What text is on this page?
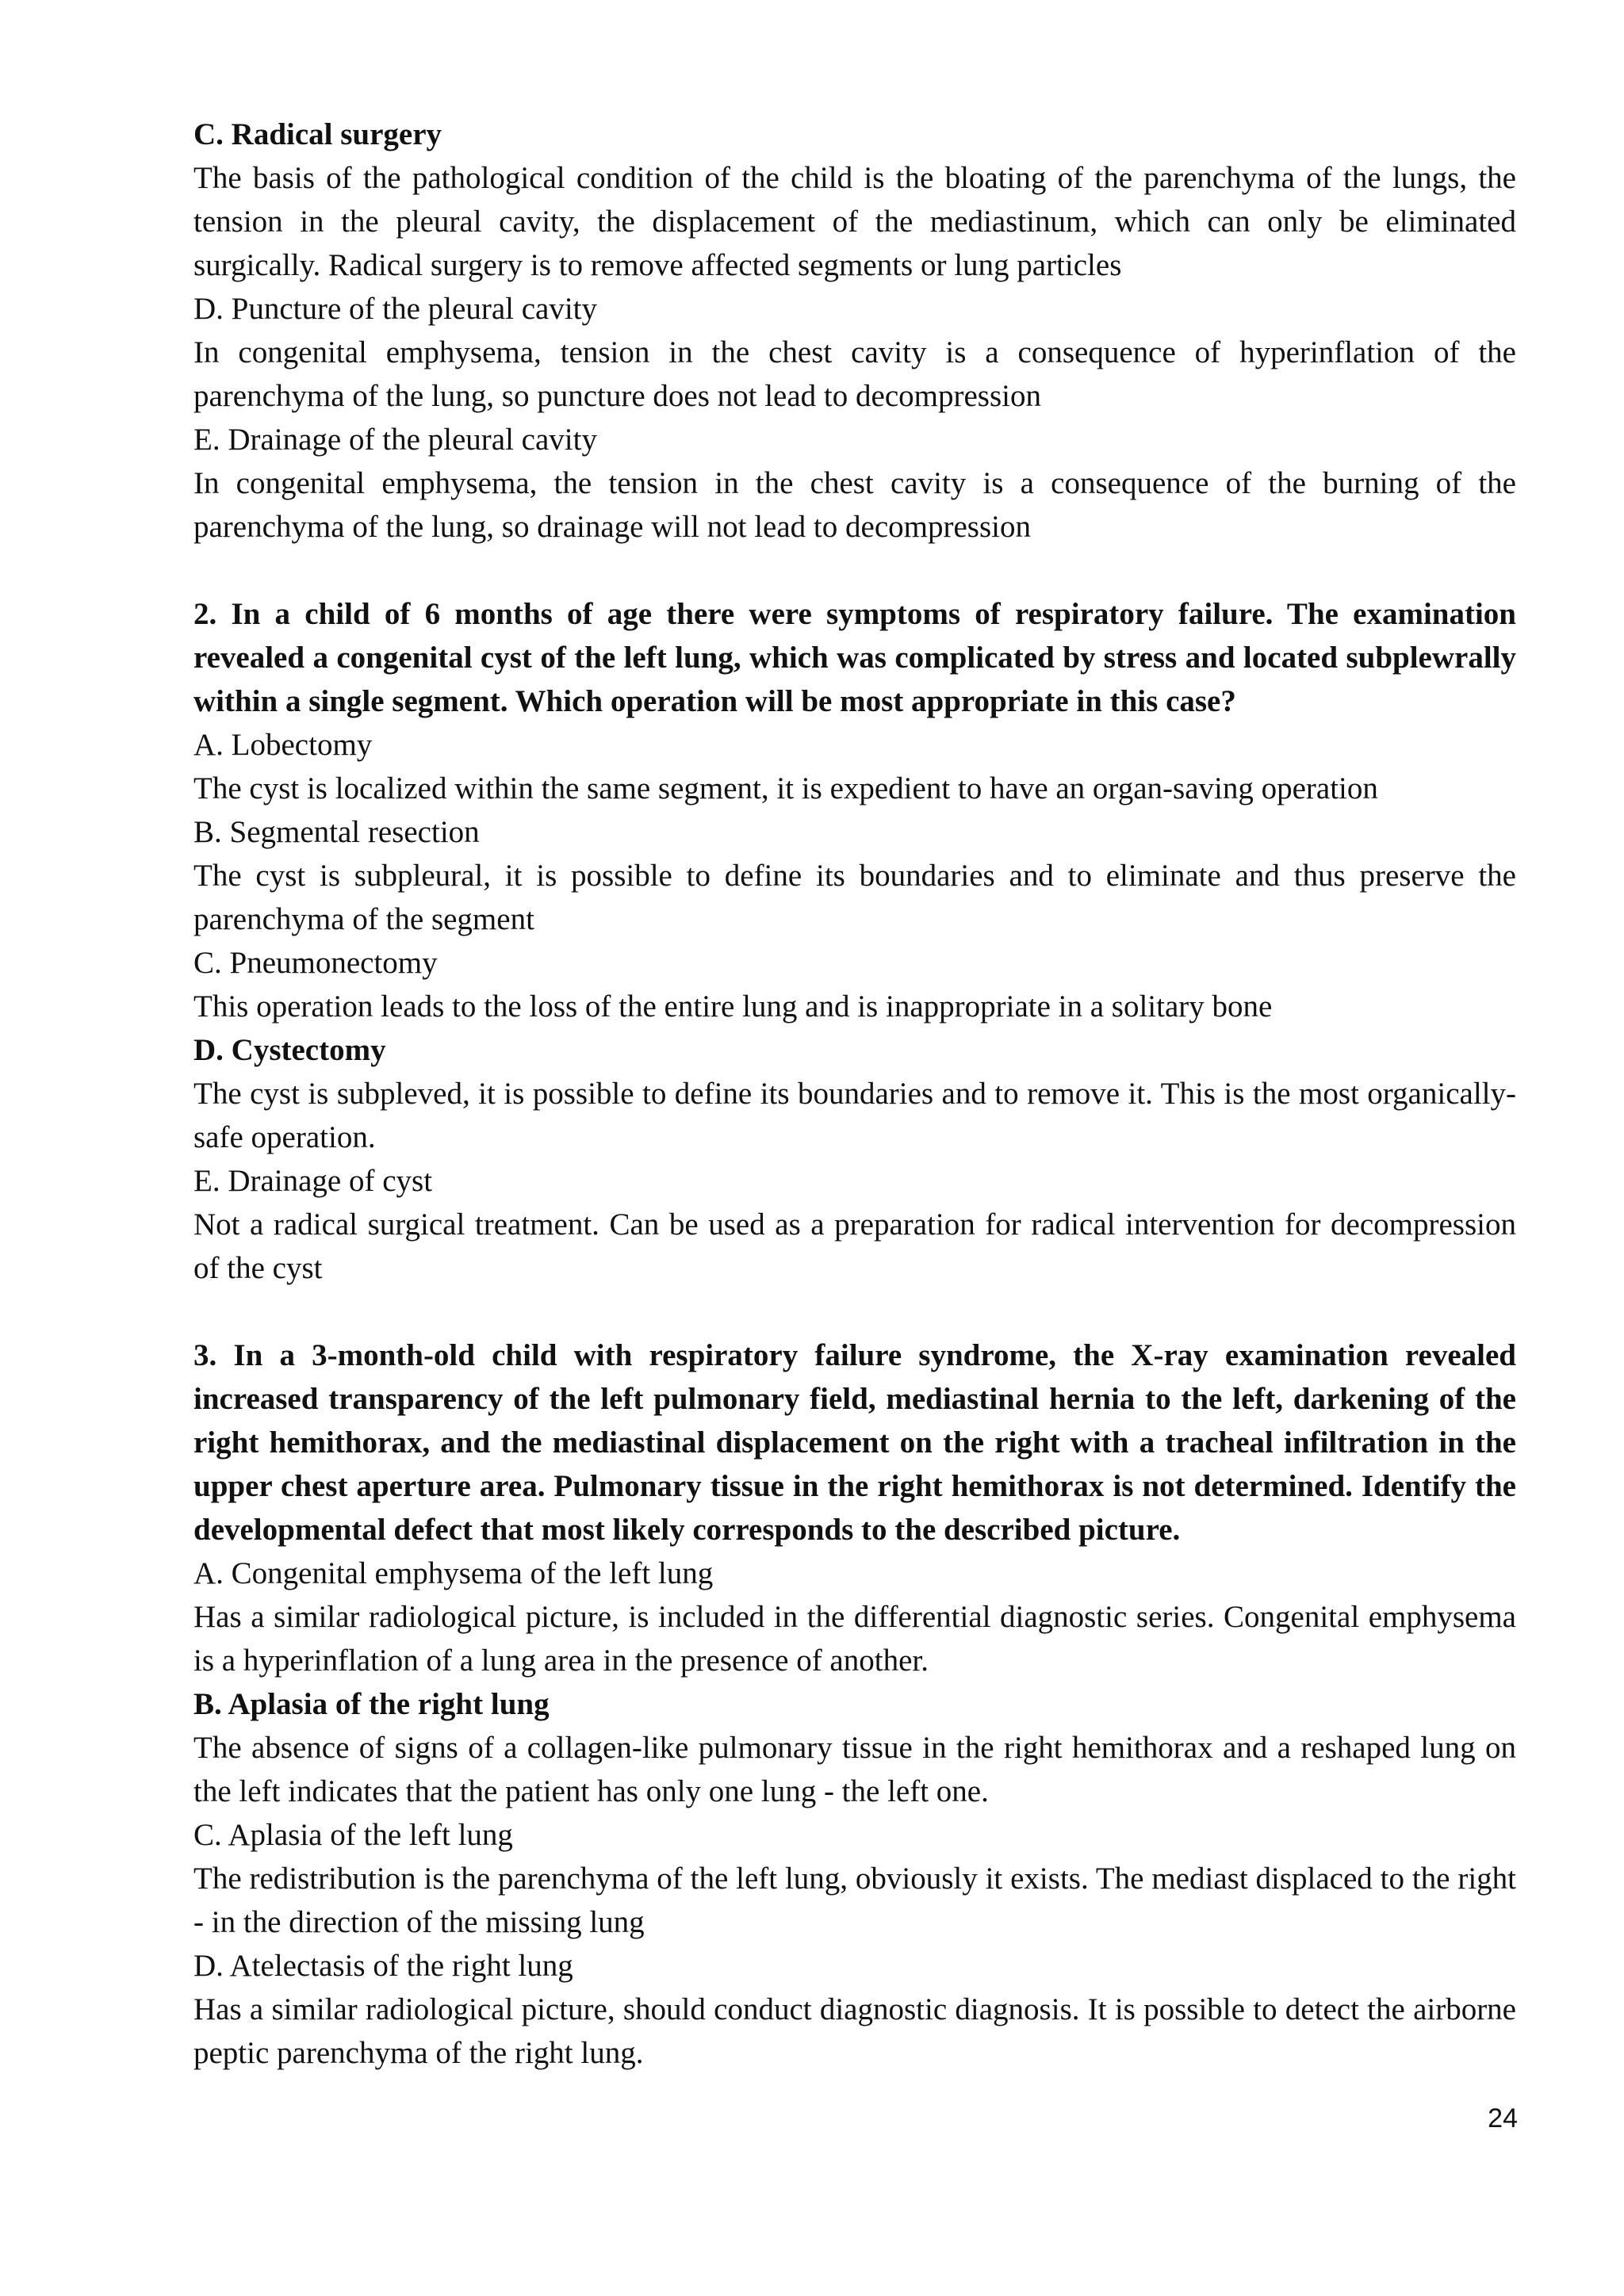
C. Radical surgery
The basis of the pathological condition of the child is the bloating of the parenchyma of the lungs, the tension in the pleural cavity, the displacement of the mediastinum, which can only be eliminated surgically. Radical surgery is to remove affected segments or lung particles
D. Puncture of the pleural cavity
In congenital emphysema, tension in the chest cavity is a consequence of hyperinflation of the parenchyma of the lung, so puncture does not lead to decompression
E. Drainage of the pleural cavity
In congenital emphysema, the tension in the chest cavity is a consequence of the burning of the parenchyma of the lung, so drainage will not lead to decompression
2. In a child of 6 months of age there were symptoms of respiratory failure. The examination revealed a congenital cyst of the left lung, which was complicated by stress and located subplewrally within a single segment. Which operation will be most appropriate in this case?
A. Lobectomy
The cyst is localized within the same segment, it is expedient to have an organ-saving operation
B. Segmental resection
The cyst is subpleural, it is possible to define its boundaries and to eliminate and thus preserve the parenchyma of the segment
C. Pneumonectomy
This operation leads to the loss of the entire lung and is inappropriate in a solitary bone
D. Cystectomy
The cyst is subpleved, it is possible to define its boundaries and to remove it. This is the most organically-safe operation.
E. Drainage of cyst
Not a radical surgical treatment. Can be used as a preparation for radical intervention for decompression of the cyst
3. In a 3-month-old child with respiratory failure syndrome, the X-ray examination revealed increased transparency of the left pulmonary field, mediastinal hernia to the left, darkening of the right hemithorax, and the mediastinal displacement on the right with a tracheal infiltration in the upper chest aperture area. Pulmonary tissue in the right hemithorax is not determined. Identify the developmental defect that most likely corresponds to the described picture.
A. Congenital emphysema of the left lung
Has a similar radiological picture, is included in the differential diagnostic series. Congenital emphysema is a hyperinflation of a lung area in the presence of another.
B. Aplasia of the right lung
The absence of signs of a collagen-like pulmonary tissue in the right hemithorax and a reshaped lung on the left indicates that the patient has only one lung - the left one.
C. Aplasia of the left lung
The redistribution is the parenchyma of the left lung, obviously it exists. The mediast displaced to the right - in the direction of the missing lung
D. Atelectasis of the right lung
Has a similar radiological picture, should conduct diagnostic diagnosis. It is possible to detect the airborne peptic parenchyma of the right lung.
24
